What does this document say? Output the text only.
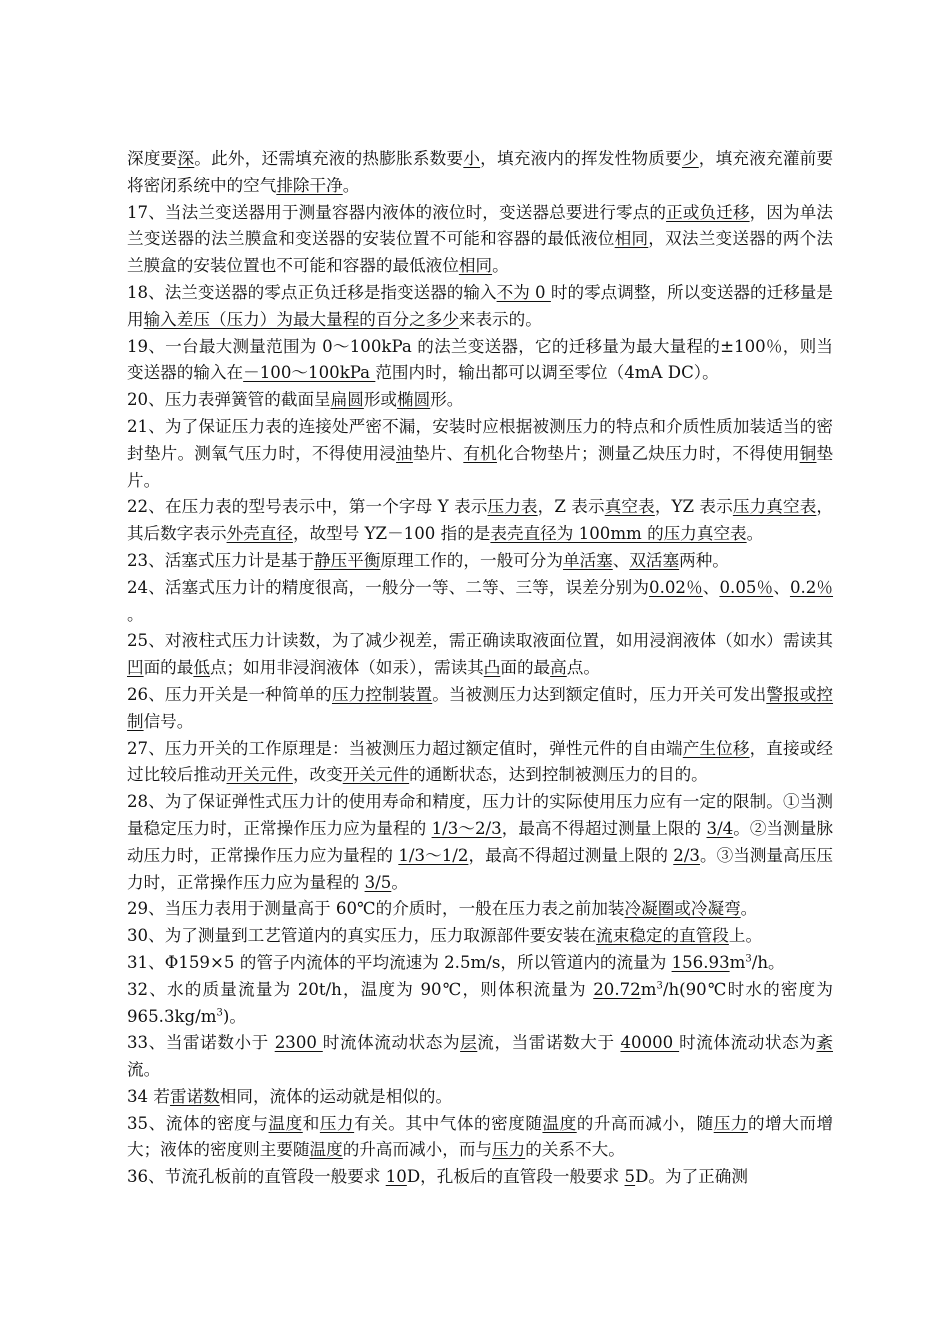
深度要深。此外，还需填充液的热膨胀系数要小，填充液内的挥发性物质要少，填充液充灌前要将密闭系统中的空气排除干净。

17、当法兰变送器用于测量容器内液体的液位时，变送器总要进行零点的正或负迁移，因为单法兰变送器的法兰膜盒和变送器的安装位置不可能和容器的最低液位相同，双法兰变送器的两个法兰膜盒的安装位置也不可能和容器的最低液位相同。

18、法兰变送器的零点正负迁移是指变送器的输入不为 0 时的零点调整，所以变送器的迁移量是用输入差压（压力）为最大量程的百分之多少来表示的。

19、一台最大测量范围为 0～100kPa 的法兰变送器，它的迁移量为最大量程的±100％，则当变送器的输入在－100～100kPa 范围内时，输出都可以调至零位（4mA DC）。

20、压力表弹簧管的截面呈扁圆形或椭圆形。

21、为了保证压力表的连接处严密不漏，安装时应根据被测压力的特点和介质性质加装适当的密封垫片。测氧气压力时，不得使用浸油垫片、有机化合物垫片；测量乙炔压力时，不得使用铜垫片。

22、在压力表的型号表示中，第一个字母 Y 表示压力表，Z 表示真空表，YZ 表示压力真空表，其后数字表示外壳直径，故型号 YZ－100 指的是表壳直径为 100mm 的压力真空表。

23、活塞式压力计是基于静压平衡原理工作的，一般可分为单活塞、双活塞两种。

24、活塞式压力计的精度很高，一般分一等、二等、三等，误差分别为0.02％、0.05％、0.2％ 。

25、对液柱式压力计读数，为了减少视差，需正确读取液面位置，如用浸润液体（如水）需读其凹面的最低点；如用非浸润液体（如汞），需读其凸面的最高点。

26、压力开关是一种简单的压力控制装置。当被测压力达到额定值时，压力开关可发出警报或控制信号。

27、压力开关的工作原理是：当被测压力超过额定值时，弹性元件的自由端产生位移，直接或经过比较后推动开关元件，改变开关元件的通断状态，达到控制被测压力的目的。

28、为了保证弹性式压力计的使用寿命和精度，压力计的实际使用压力应有一定的限制。①当测量稳定压力时，正常操作压力应为量程的 1/3～2/3，最高不得超过测量上限的 3/4。②当测量脉动压力时，正常操作压力应为量程的 1/3～1/2，最高不得超过测量上限的 2/3。③当测量高压压力时，正常操作压力应为量程的 3/5。

29、当压力表用于测量高于 60℃的介质时，一般在压力表之前加装冷凝圈或冷凝弯。

30、为了测量到工艺管道内的真实压力，压力取源部件要安装在流束稳定的直管段上。

31、Φ159×5 的管子内流体的平均流速为 2.5m/s，所以管道内的流量为 $156.93m^3/h$。

32、水的质量流量为 20t/h，温度为 90℃，则体积流量为 $20.72m^3/h(90℃$时水的密度为 $965.3kg/m^3$)。

33、当雷诺数小于 2300 时流体流动状态为层流，当雷诺数大于 40000 时流体流动状态为紊流。

34 若雷诺数相同，流体的运动就是相似的。

35、流体的密度与温度和压力有关。其中气体的密度随温度的升高而减小，随压力的增大而增大；液体的密度则主要随温度的升高而减小，而与压力的关系不大。

36、节流孔板前的直管段一般要求 10D，孔板后的直管段一般要求 5D。为了正确测
